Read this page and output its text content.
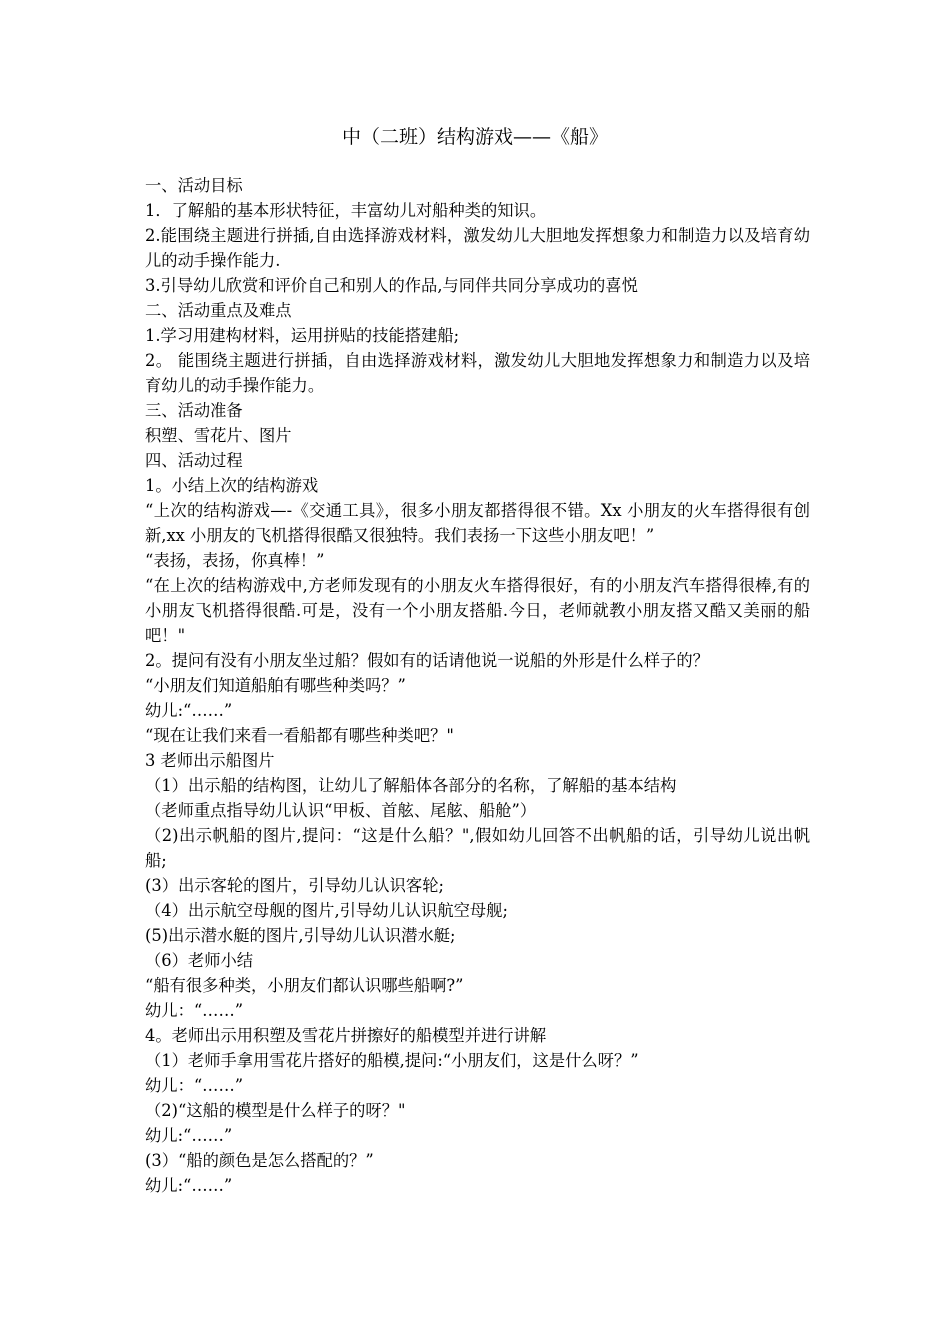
中（二班）结构游戏——《船》

一、活动目标

1．了解船的基本形状特征，丰富幼儿对船种类的知识。

2.能围绕主题进行拼插,自由选择游戏材料，激发幼儿大胆地发挥想象力和制造力以及培育幼儿的动手操作能力.

3.引导幼儿欣赏和评价自己和别人的作品,与同伴共同分享成功的喜悦

二、活动重点及难点

1.学习用建构材料，运用拼贴的技能搭建船;

2。 能围绕主题进行拼插，自由选择游戏材料，激发幼儿大胆地发挥想象力和制造力以及培育幼儿的动手操作能力。

三、活动准备

积塑、雪花片、图片

四、活动过程

1。小结上次的结构游戏

“上次的结构游戏—-《交通工具》，很多小朋友都搭得很不错。Xx 小朋友的火车搭得很有创新,xx 小朋友的飞机搭得很酷又很独特。我们表扬一下这些小朋友吧！”

“表扬，表扬，你真棒！”

“在上次的结构游戏中,方老师发现有的小朋友火车搭得很好，有的小朋友汽车搭得很棒,有的小朋友飞机搭得很酷.可是，没有一个小朋友搭船.今日，老师就教小朋友搭又酷又美丽的船吧！"

2。提问有没有小朋友坐过船？假如有的话请他说一说船的外形是什么样子的？

“小朋友们知道船舶有哪些种类吗？”

幼儿:“……”

“现在让我们来看一看船都有哪些种类吧？"

3 老师出示船图片

（1）出示船的结构图，让幼儿了解船体各部分的名称，了解船的基本结构

（老师重点指导幼儿认识“甲板、首舷、尾舷、船舱”）

（2)出示帆船的图片,提问：“这是什么船？",假如幼儿回答不出帆船的话，引导幼儿说出帆船;

(3）出示客轮的图片，引导幼儿认识客轮;

（4）出示航空母舰的图片,引导幼儿认识航空母舰;

(5)出示潜水艇的图片,引导幼儿认识潜水艇;

（6）老师小结

“船有很多种类，小朋友们都认识哪些船啊?”

幼儿：“……”

4。老师出示用积塑及雪花片拼擦好的船模型并进行讲解

（1）老师手拿用雪花片搭好的船模,提问:“小朋友们，这是什么呀？”

幼儿：“……”

（2)“这船的模型是什么样子的呀？"

幼儿:“……”

(3）“船的颜色是怎么搭配的？”

幼儿:“……”
